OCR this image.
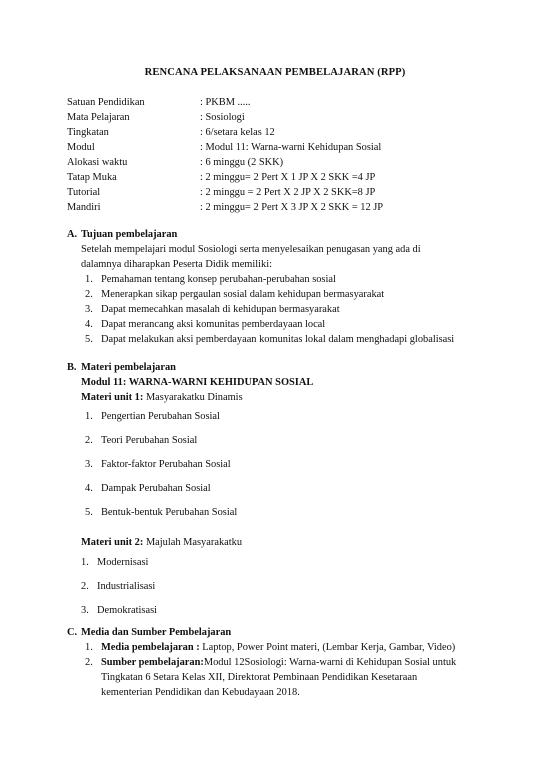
RENCANA PELAKSANAAN PEMBELAJARAN (RPP)
Satuan Pendidikan	: PKBM .....
Mata Pelajaran	: Sosiologi
Tingkatan	: 6/setara kelas 12
Modul	: Modul 11: Warna-warni Kehidupan Sosial
Alokasi waktu	: 6 minggu (2 SKK)
Tatap Muka	: 2 minggu= 2 Pert X 1 JP X 2 SKK =4 JP
Tutorial	: 2 minggu = 2 Pert X 2 JP X 2 SKK=8 JP
Mandiri	: 2 minggu= 2 Pert X 3 JP X 2 SKK = 12 JP
A. Tujuan pembelajaran
Setelah mempelajari modul Sosiologi serta menyelesaikan penugasan yang ada di
dalamnya diharapkan Peserta Didik memiliki:
1. Pemahaman tentang konsep perubahan-perubahan sosial
2. Menerapkan sikap pergaulan sosial dalam kehidupan bermasyarakat
3. Dapat memecahkan masalah di kehidupan bermasyarakat
4. Dapat merancang aksi komunitas pemberdayaan local
5. Dapat melakukan aksi pemberdayaan komunitas lokal dalam menghadapi globalisasi
B. Materi pembelajaran
Modul 11: WARNA-WARNI KEHIDUPAN SOSIAL
Materi unit 1: Masyarakatku Dinamis
1. Pengertian Perubahan Sosial
2. Teori Perubahan Sosial
3. Faktor-faktor Perubahan Sosial
4. Dampak Perubahan Sosial
5. Bentuk-bentuk Perubahan Sosial
Materi unit 2: Majulah Masyarakatku
1. Modernisasi
2. Industrialisasi
3. Demokratisasi
C. Media dan Sumber Pembelajaran
1. Media pembelajaran : Laptop, Power Point materi, (Lembar Kerja, Gambar, Video)
2. Sumber pembelajaran:Modul 12Sosiologi: Warna-warni di Kehidupan Sosial untuk
Tingkatan 6 Setara Kelas XII, Direktorat Pembinaan Pendidikan Kesetaraan
kementerian Pendidikan dan Kebudayaan 2018.
